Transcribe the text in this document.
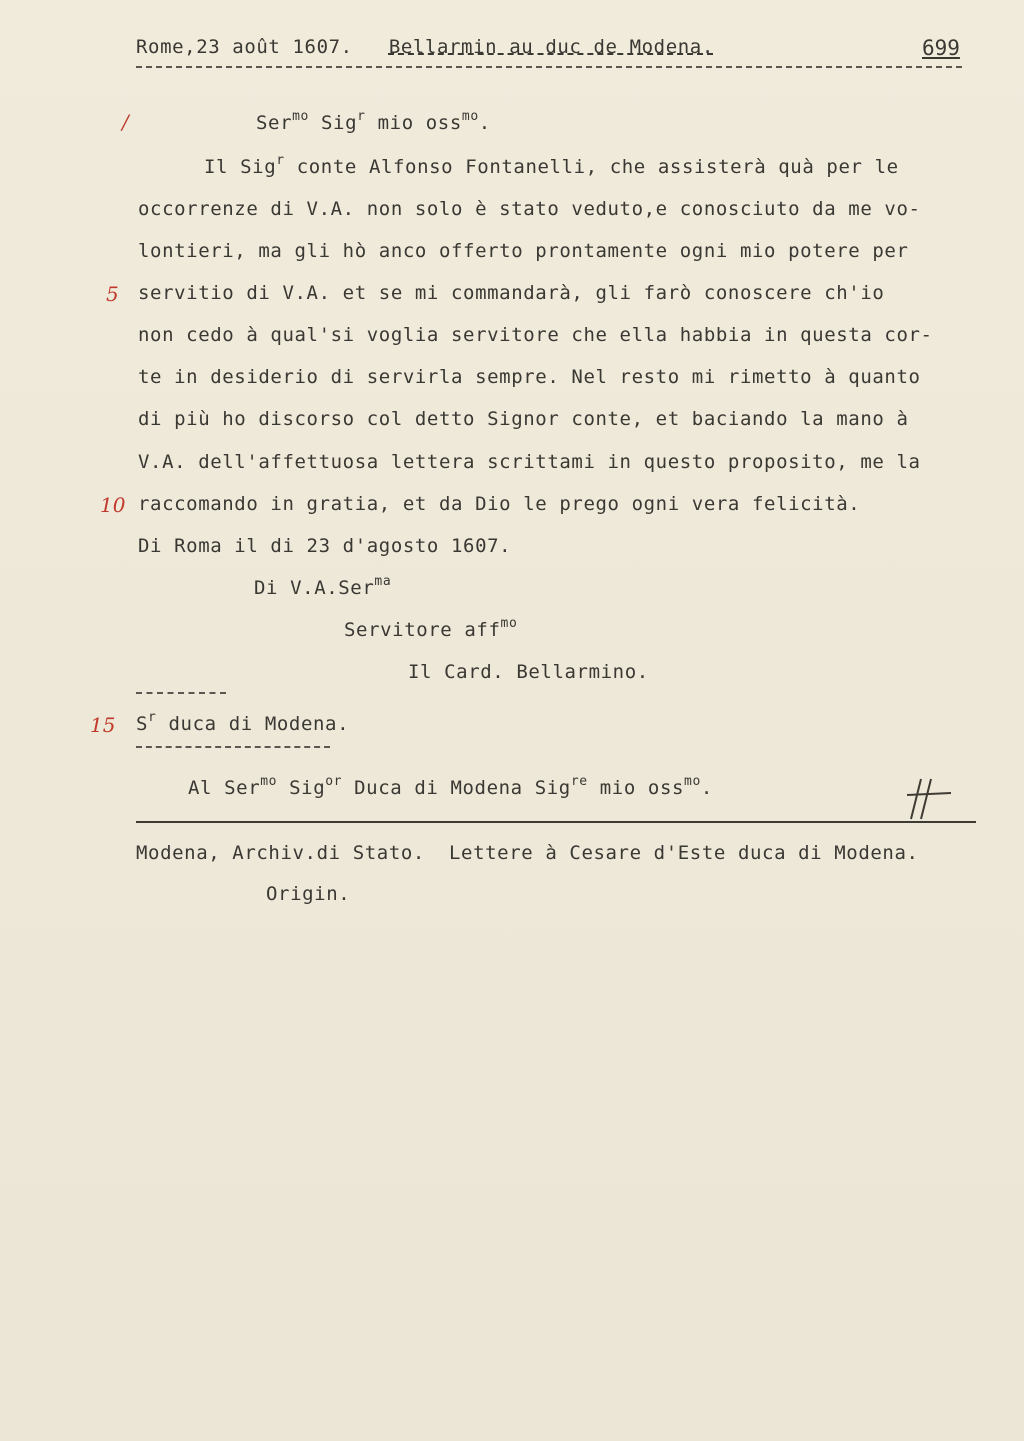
Rome,23 août 1607. Bellarmin au duc de Modena.	699
/
5
10
15
Ser$^{mo}$ Sig$^r$ mio oss$^{mo}$.
Il Sig$^r$ conte Alfonso Fontanelli, che assisterà quà per le
occorrenze di V.A. non solo è stato veduto,e conosciuto da me vo-
lontieri, ma gli hò anco offerto prontamente ogni mio potere per
servitio di V.A. et se mi commandarà, gli farò conoscere ch'io
non cedo à qual'si voglia servitore che ella habbia in questa cor-
te in desiderio di servirla sempre. Nel resto mi rimetto à quanto
di più ho discorso col detto Signor conte, et baciando la mano à
V.A. dell'affettuosa lettera scrittami in questo proposito, me la
raccomando in gratia, et da Dio le prego ogni vera felicità.
Di Roma il di 23 d'agosto 1607.
Di V.A.Ser$^{ma}$
Servitore aff$^{mo}$
Il Card. Bellarmino.
$S^r$ duca di Modena.
Al Ser$^{mo}$ Sig$^{or}$ Duca di Modena Sig$^{re}$ mio oss$^{mo}$.
Modena, Archiv.di Stato.  Lettere à Cesare d'Este duca di Modena.
Origin.
